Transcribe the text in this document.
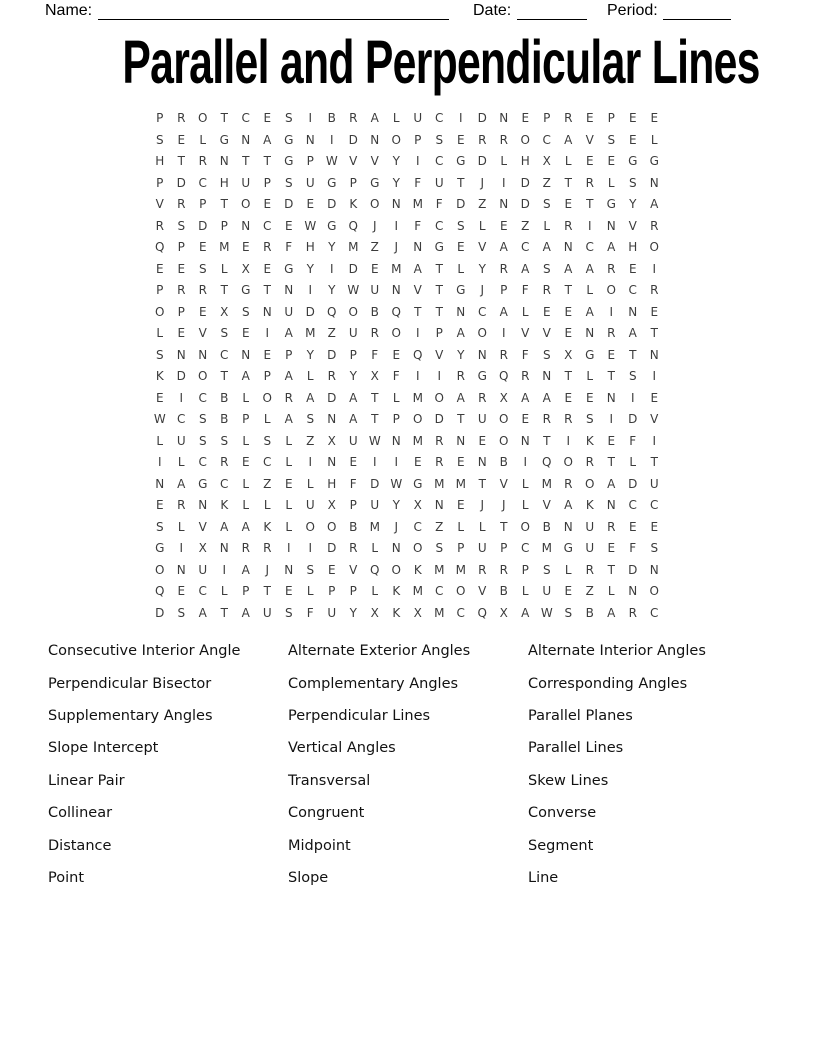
Name:	Date:	Period:
Parallel and Perpendicular Lines
P	R	O	T	C	E	S	I	B	R	A	L	U	C	I	D	N	E	P	R	E	P	E	E
S	E	L	G	N	A	G	N	I	D	N	O	P	S	E	R	R	O	C	A	V	S	E	L
H	T	R	N	T	T	G	P W V	V	Y	I	C	G	D	L	H	X	L	E	E	G	G
P	D	C	H	U	P	S	U	G	P	G	Y	F	U	T	J	I	D	Z	T	R	L	S	N
V	R	P	T	O	E	D	E	D	K	O	N M	F	D	Z	N	D	S	E	T	G	Y	A
R	S	D	P	N	C	E W G	Q	J	I	F	C	S	L	E	Z	L	R	I	N	V	R
Q	P	E	M	E	R	F	H	Y	M	Z	J	N	G	E	V	A	C	A	N	C	A	H	O
E	E	S	L	X	E	G	Y	I	D	E	M	A	T	L	Y	R	A	S	A	A	R	E	I
P	R	R	T	G	T	N	I	Y W U	N	V	T	G	J	P	F	R	T	L	O	C	R
O	P	E	X	S	N	U	D	Q	O	B	Q	T	T	N	C	A	L	E	E	A	I	N	E
L	E	V	S	E	I	A	M	Z	U	R	O	I	P	A	O	I	V	V	E	N	R	A	T
S	N	N	C	N	E	P	Y	D	P	F	E	Q	V	Y	N	R	F	S	X	G	E	T	N
K	D	O	T	A	P	A	L	R	Y	X	F	I	I	R	G	Q	R	N	T	L	T	S	I
E	I	C	B	L	O	R	A	D	A	T	L	M O	A	R	X	A	A	E	E	N	I	E
W C	S	B	P	L	A	S	N	A	T	P	O	D	T	U	O	E	R	R	S	I	D	V
L	U	S	S	L	S	L	Z	X	U W N M	R	N	E	O	N	T	I	K	E	F	I
I	L	C	R	E	C	L	I	N	E	I	I	E	R	E	N	B	I	Q	O	R	T	L	T
N	A	G	C	L	Z	E	L	H	F	D W G M M	T	V	L	M	R	O	A	D	U
E	R	N	K	L	L	L	U	X	P	U	Y	X	N	E	J	J	L	V	A	K	N	C	C
S	L	V	A	A	K	L	O	O	B	M	J	C	Z	L	L	T	O	B	N	U	R	E	E
G	I	X	N	R	R	I	I	D	R	L	N	O	S	P	U	P	C	M G	U	E	F	S
O	N	U	I	A	J	N	S	E	V	Q	O	K	M M	R	R	P	S	L	R	T	D	N
Q	E	C	L	P	T	E	L	P	P	L	K	M	C	O	V	B	L	U	E	Z	L	N	O
D	S	A	T	A	U	S	F	U	Y	X	K	X	M	C	Q	X	A W S	B	A	R	C
Consecutive Interior Angle
Perpendicular Bisector
Supplementary Angles
Slope Intercept
Linear Pair
Collinear
Distance
Point
Alternate Exterior Angles
Complementary Angles
Perpendicular Lines
Vertical Angles
Transversal
Congruent
Midpoint
Slope
Alternate Interior Angles
Corresponding Angles
Parallel Planes
Parallel Lines
Skew Lines
Converse
Segment
Line
